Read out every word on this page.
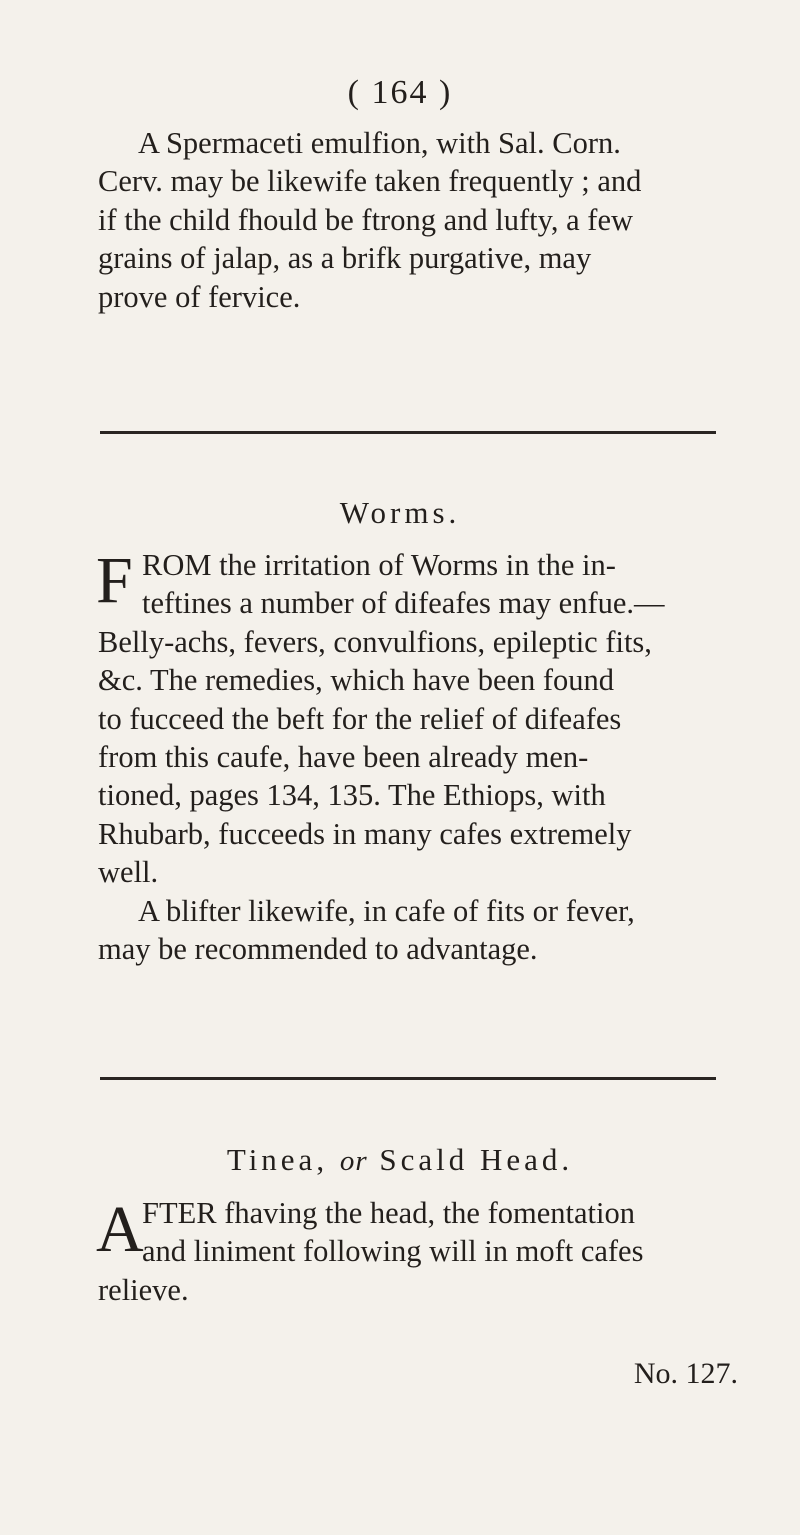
( 164 )
A Spermaceti emulfion, with Sal. Corn.
Cerv. may be likewife taken frequently ; and
if the child fhould be ftrong and lufty, a few
grains of jalap, as a brifk purgative, may
prove of fervice.
Worms.
F ROM the irritation of Worms in the in-
teftines a number of difeafes may enfue.—
Belly-achs, fevers, convulfions, epileptic fits,
&c. The remedies, which have been found
to fucceed the beft for the relief of difeafes
from this caufe, have been already men-
tioned, pages 134, 135. The Ethiops, with
Rhubarb, fucceeds in many cafes extremely
well.
A blifter likewife, in cafe of fits or fever,
may be recommended to advantage.
Tinea, or Scald Head.
A
FTER fhaving the head, the fomentation
and liniment following will in moft cafes
relieve.
No. 127.
